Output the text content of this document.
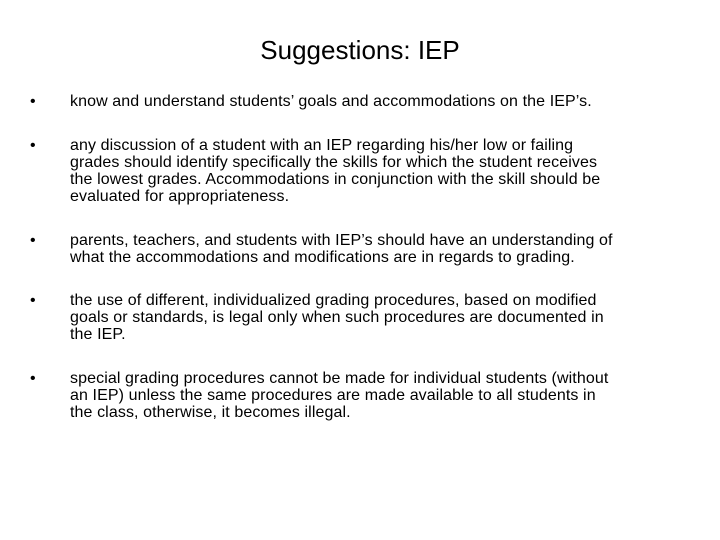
Suggestions: IEP
• know and understand students’ goals and accommodations on the IEP’s.

• any discussion of a student with an IEP regarding his/her low or failing
grades should identify specifically the skills for which the student receives
the lowest grades. Accommodations in conjunction with the skill should be
evaluated for appropriateness.

• parents, teachers, and students with IEP’s should have an understanding of
what the accommodations and modifications are in regards to grading.

• the use of different, individualized grading procedures, based on modified
goals or standards, is legal only when such procedures are documented in
the IEP.

• special grading procedures cannot be made for individual students (without
an IEP) unless the same procedures are made available to all students in
the class, otherwise, it becomes illegal.
